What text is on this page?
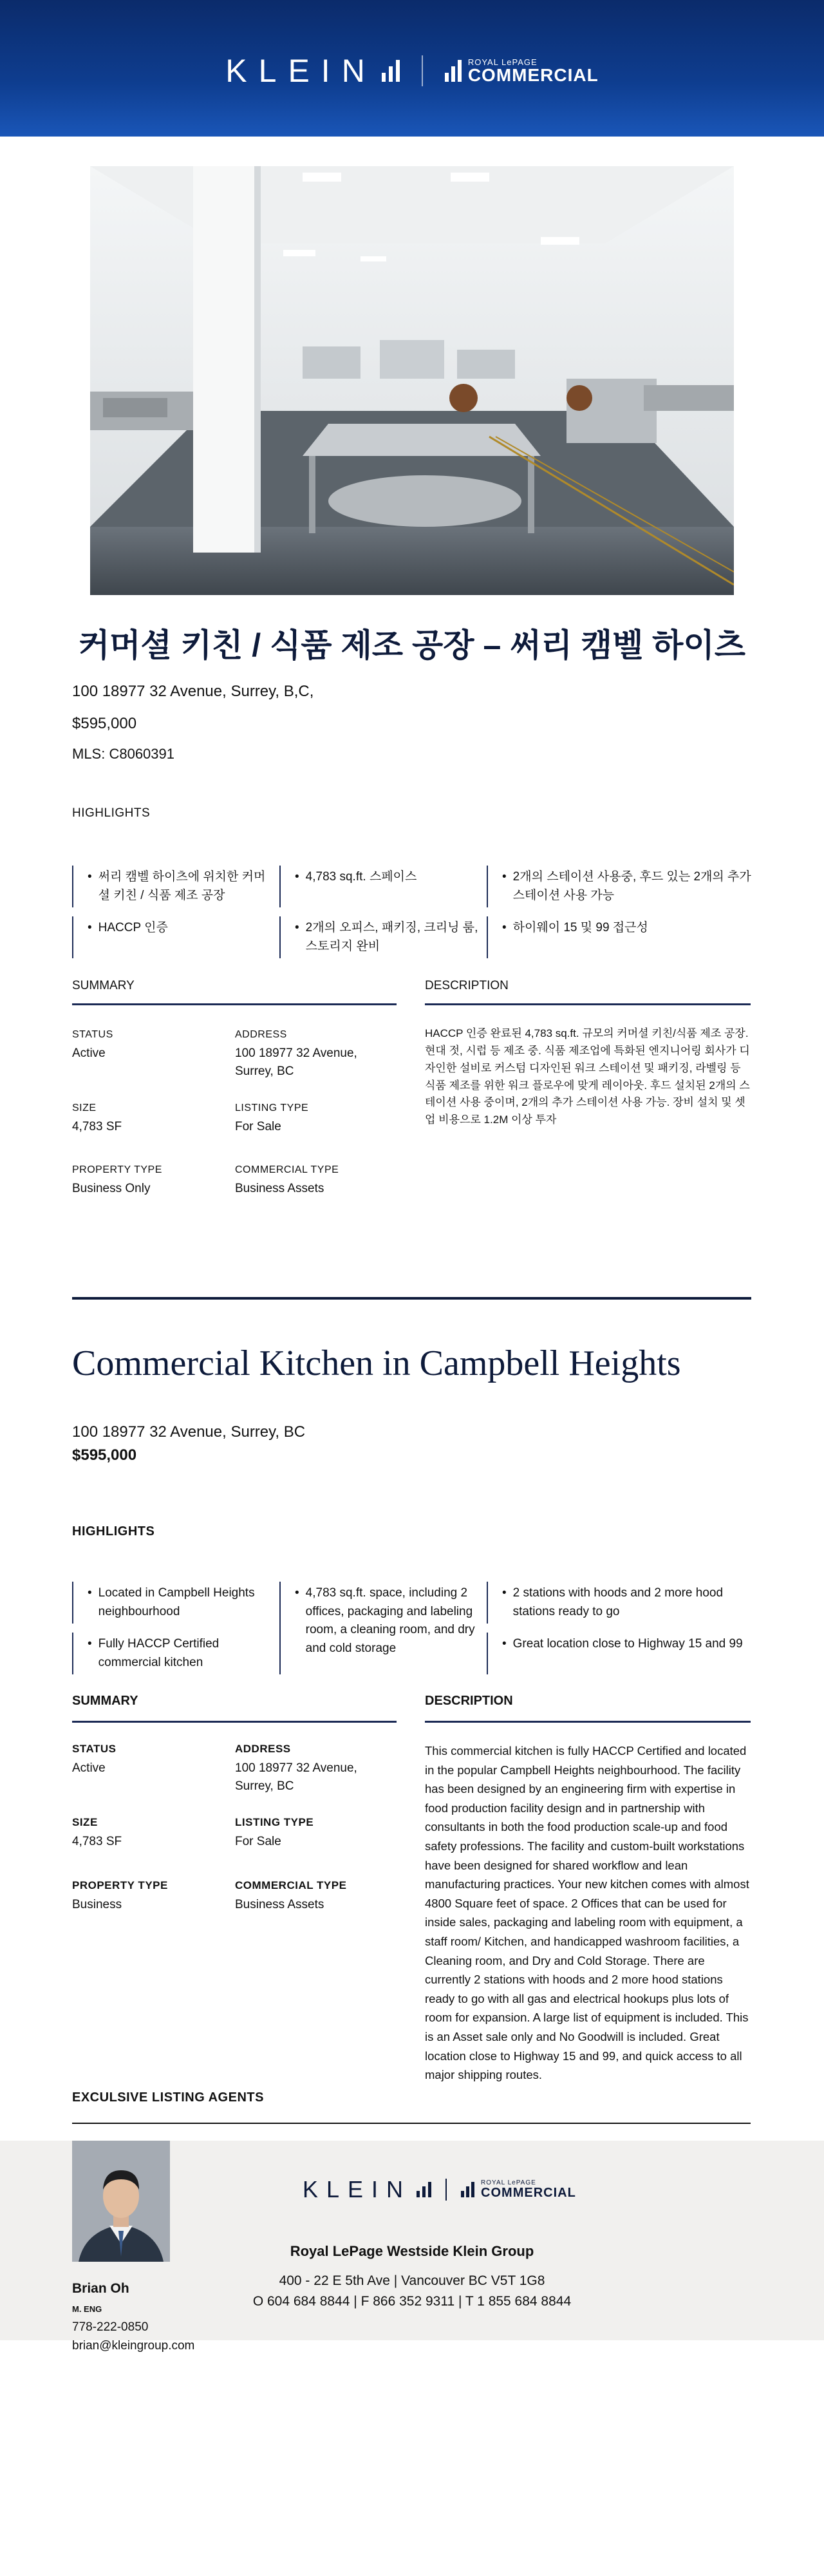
KLEIN	ROYAL LePAGE
COMMERCIAL
커머셜 키친 / 식품 제조 공장 – 써리 캠벨 하이츠
100 18977 32 Avenue, Surrey, B,C,
$595,000
MLS: C8060391
HIGHLIGHTS
• 써리 캠벨 하이츠에 위치한 커머셜 키친 / 식품 제조 공장
• 4,783 sq.ft. 스페이스	• 2개의 스테이션 사용중, 후드 있는 2개의 추가 스테이션 사용 가능
• HACCP 인증	• 2개의 오피스, 패키징, 크리닝 룸, 스토리지 완비
• 하이웨이 15 및 99 접근성
SUMMARY	DESCRIPTION
STATUS
Active
ADDRESS
100 18977 32 Avenue, Surrey, BC
SIZE
4,783 SF
LISTING TYPE
For Sale
PROPERTY TYPE
Business Only
COMMERCIAL TYPE
Business Assets
HACCP 인증 완료된 4,783 sq.ft. 규모의 커머셜 키친/식품 제조 공장. 현대 젓, 시럽 등 제조 중. 식품 제조업에 특화된 엔지니어링 회사가 디자인한 설비로 커스텀 디자인된 워크 스테이션 및 패키징, 라벨링 등 식품 제조를 위한 워크 플로우에 맞게 레이아웃. 후드 설치된 2개의 스테이션 사용 중이며, 2개의 추가 스테이션 사용 가능. 장비 설치 및 셋업 비용으로 1.2M 이상 투자
Commercial Kitchen in Campbell Heights
100 18977 32 Avenue, Surrey, BC
$595,000
HIGHLIGHTS
• Located in Campbell Heights neighbourhood
• 4,783 sq.ft. space, including 2 offices, packaging and labeling room, a cleaning room, and dry and cold storage
• 2 stations with hoods and 2 more hood stations ready to go
• Fully HACCP Certified commercial kitchen
• Great location close to Highway 15 and 99
SUMMARY	DESCRIPTION
STATUS
Active
ADDRESS
100 18977 32 Avenue, Surrey, BC
SIZE
4,783 SF
LISTING TYPE
For Sale
PROPERTY TYPE
Business
COMMERCIAL TYPE
Business Assets
This commercial kitchen is fully HACCP Certified and located in the popular Campbell Heights neighbourhood. The facility has been designed by an engineering firm with expertise in food production facility design and in partnership with consultants in both the food production scale-up and food safety professions. The facility and custom-built workstations have been designed for shared workflow and lean manufacturing practices. Your new kitchen comes with almost 4800 Square feet of space. 2 Offices that can be used for inside sales, packaging and labeling room with equipment, a staff room/ Kitchen, and handicapped washroom facilities, a Cleaning room, and Dry and Cold Storage. There are currently 2 stations with hoods and 2 more hood stations ready to go with all gas and electrical hookups plus lots of room for expansion. A large list of equipment is included. This is an Asset sale only and No Goodwill is included. Great location close to Highway 15 and 99, and quick access to all major shipping routes.
EXCULSIVE LISTING AGENTS
Brian Oh
M. ENG
778-222-0850
brian@kleingroup.com
KLEIN	ROYAL LePAGE
COMMERCIAL
Royal LePage Westside Klein Group
400 - 22 E 5th Ave | Vancouver BC V5T 1G8
O 604 684 8844 | F 866 352 9311 | T 1 855 684 8844
